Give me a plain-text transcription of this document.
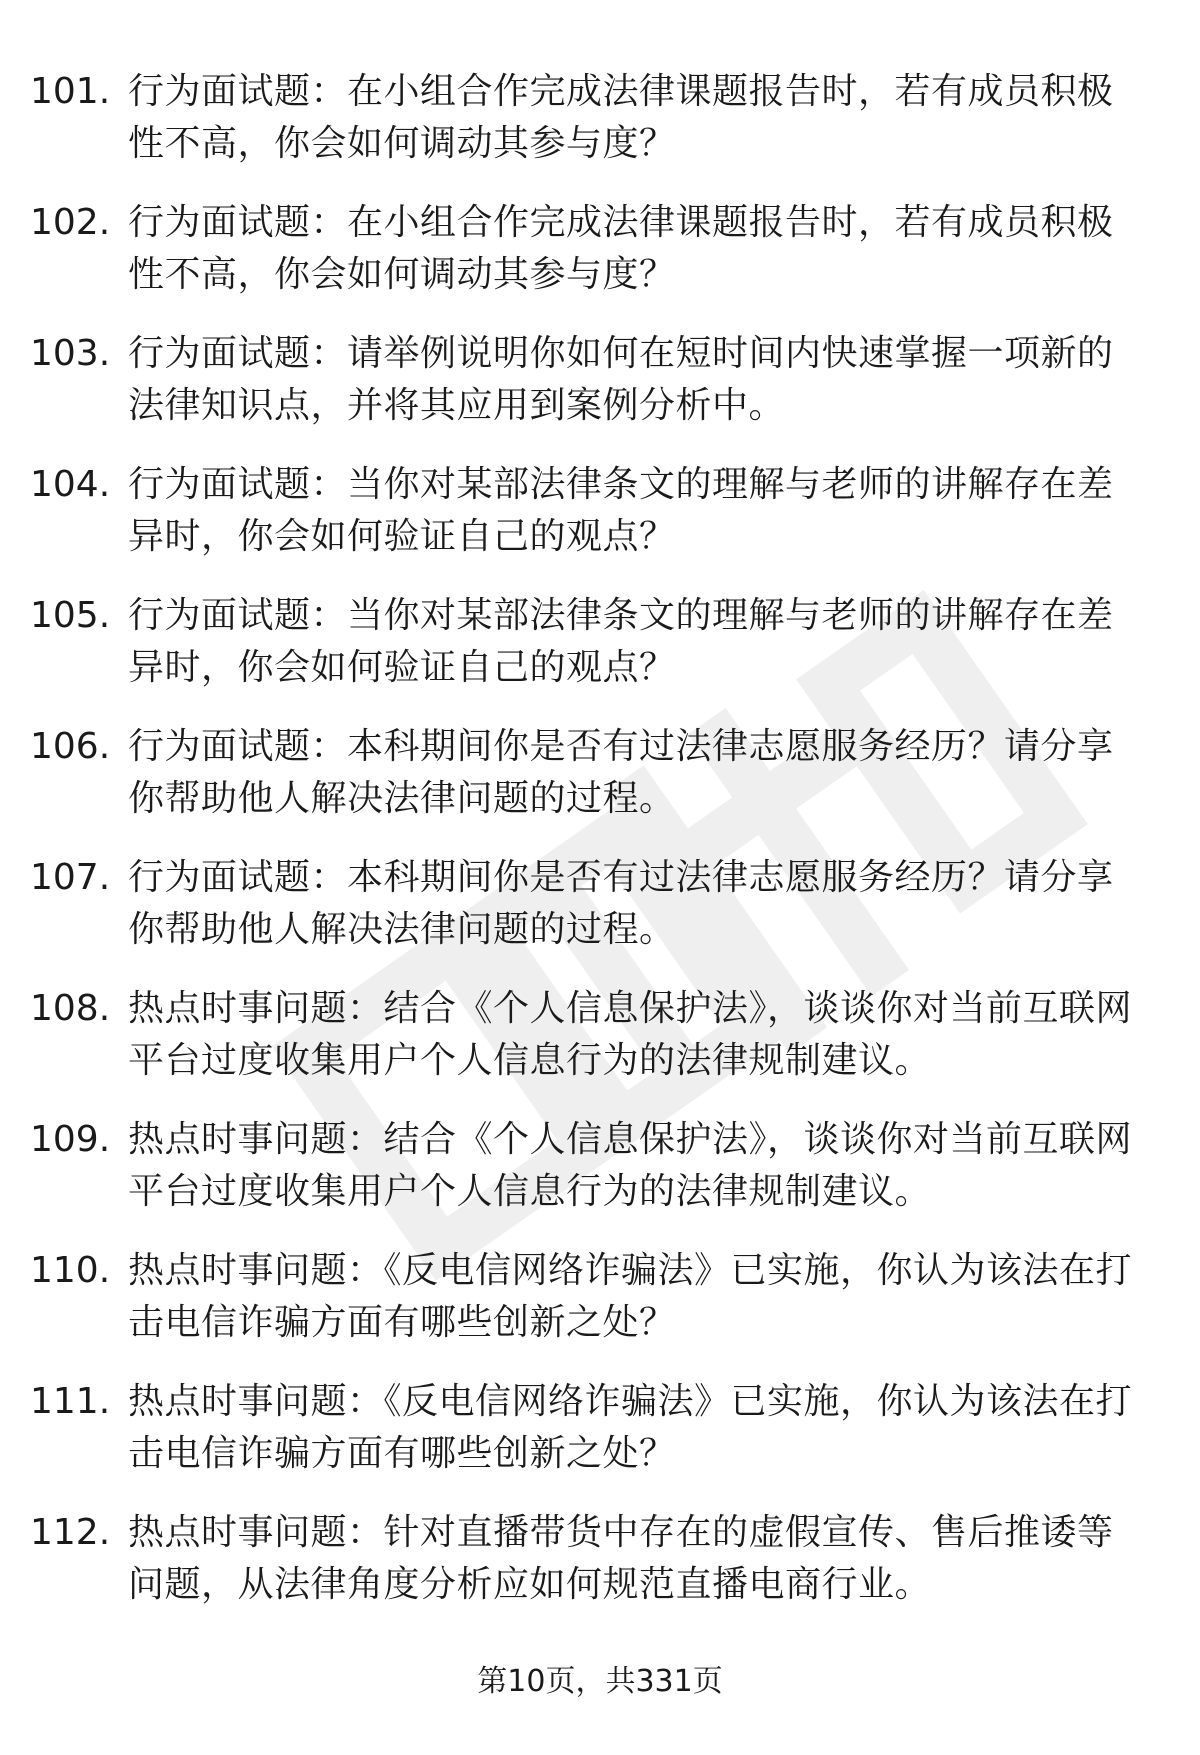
101. 行为面试题：在小组合作完成法律课题报告时，若有成员积极性不高，你会如何调动其参与度？
102. 行为面试题：在小组合作完成法律课题报告时，若有成员积极性不高，你会如何调动其参与度？
103. 行为面试题：请举例说明你如何在短时间内快速掌握一项新的法律知识点，并将其应用到案例分析中。
104. 行为面试题：当你对某部法律条文的理解与老师的讲解存在差异时，你会如何验证自己的观点？
105. 行为面试题：当你对某部法律条文的理解与老师的讲解存在差异时，你会如何验证自己的观点？
106. 行为面试题：本科期间你是否有过法律志愿服务经历？请分享你帮助他人解决法律问题的过程。
107. 行为面试题：本科期间你是否有过法律志愿服务经历？请分享你帮助他人解决法律问题的过程。
108. 热点时事问题：结合《个人信息保护法》，谈谈你对当前互联网平台过度收集用户个人信息行为的法律规制建议。
109. 热点时事问题：结合《个人信息保护法》，谈谈你对当前互联网平台过度收集用户个人信息行为的法律规制建议。
110. 热点时事问题：《反电信网络诈骗法》已实施，你认为该法在打击电信诈骗方面有哪些创新之处？
111. 热点时事问题：《反电信网络诈骗法》已实施，你认为该法在打击电信诈骗方面有哪些创新之处？
112. 热点时事问题：针对直播带货中存在的虚假宣传、售后推诿等问题，从法律角度分析应如何规范直播电商行业。
第10页，共331页
